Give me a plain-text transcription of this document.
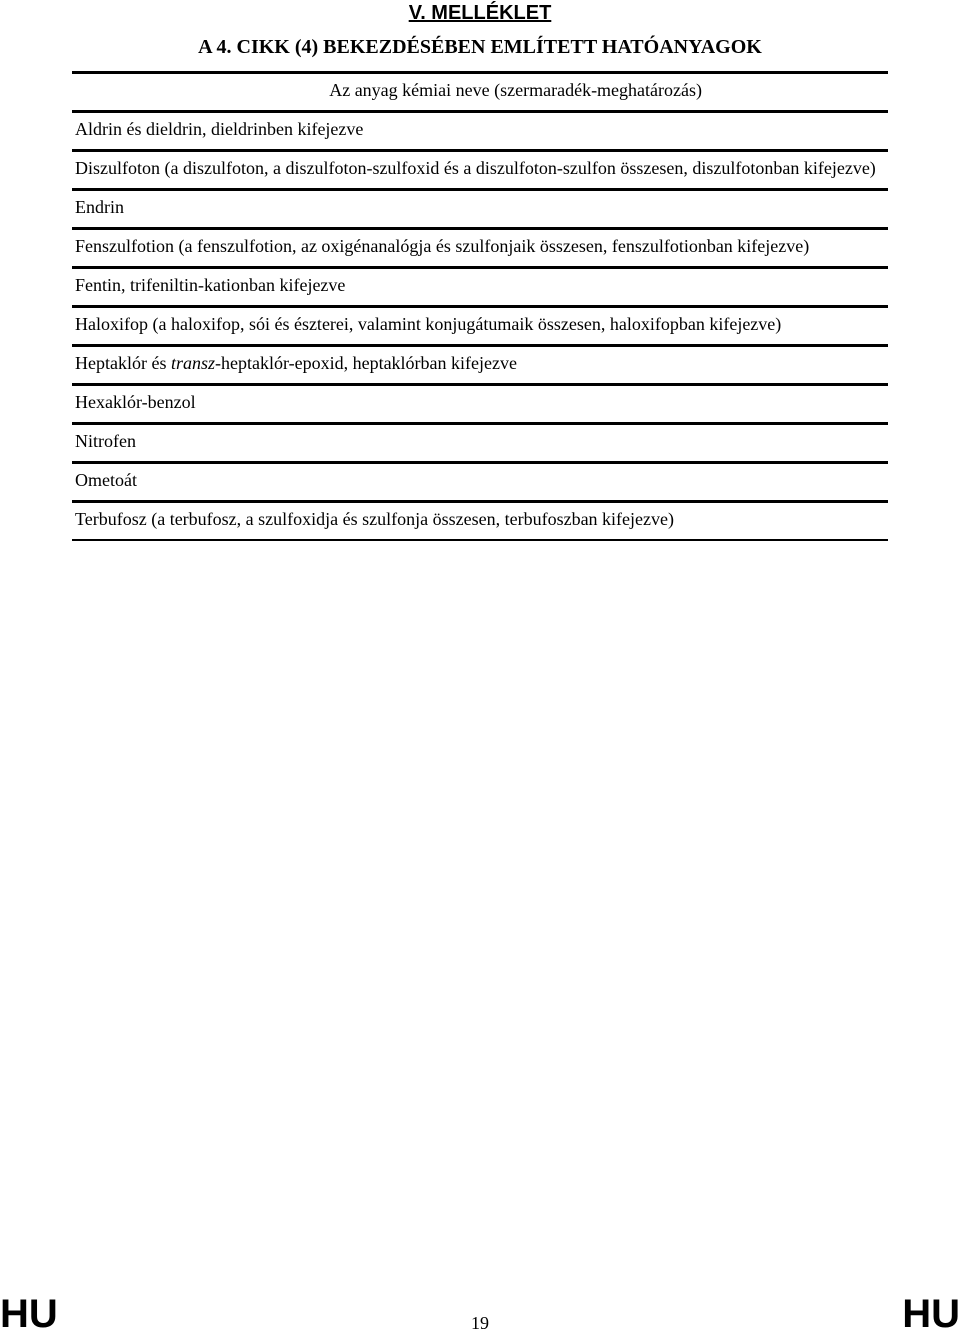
V. MELLÉKLET
A 4. CIKK (4) BEKEZDÉSÉBEN EMLÍTETT HATÓANYAGOK
Az anyag kémiai neve (szermaradék-meghatározás)
Aldrin és dieldrin, dieldrinben kifejezve
Diszulfoton (a diszulfoton, a diszulfoton-szulfoxid és a diszulfoton-szulfon összesen, diszulfotonban kifejezve)
Endrin
Fenszulfotion (a fenszulfotion, az oxigénanalógja és szulfonjaik összesen, fenszulfotionban kifejezve)
Fentin, trifeniltin-kationban kifejezve
Haloxifop (a haloxifop, sói és észterei, valamint konjugátumaik összesen, haloxifopban kifejezve)
Heptaklór és transz-heptaklór-epoxid, heptaklórban kifejezve
Hexaklór-benzol
Nitrofen
Ometoát
Terbufosz (a terbufosz, a szulfoxidja és szulfonja összesen, terbufoszban kifejezve)
HU	19	HU
